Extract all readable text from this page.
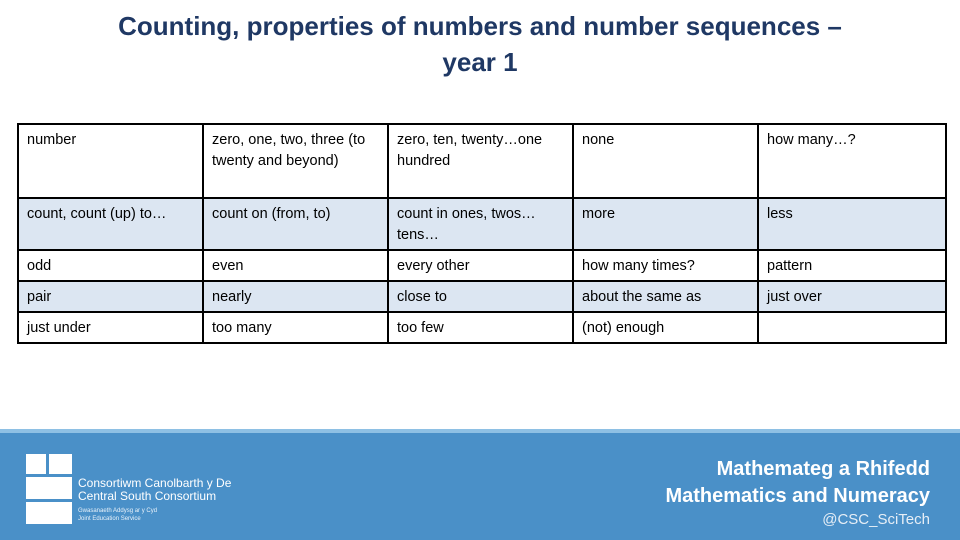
Counting, properties of numbers and number sequences –
year 1
number	zero, one, two, three (to twenty and beyond)	zero, ten, twenty…one hundred	none	how many…?
count, count (up) to…	count on (from, to)	count in ones, twos…tens…	more	less
odd	even	every other	how many times?	pattern
pair	nearly	close to	about the same as	just over
just under	too many	too few	(not) enough	
Consortiwm Canolbarth y De
Central South Consortium
Gwasanaeth Addysg ar y Cyd
Joint Education Service
Mathemateg a Rhifedd
Mathematics and Numeracy
@CSC_SciTech
